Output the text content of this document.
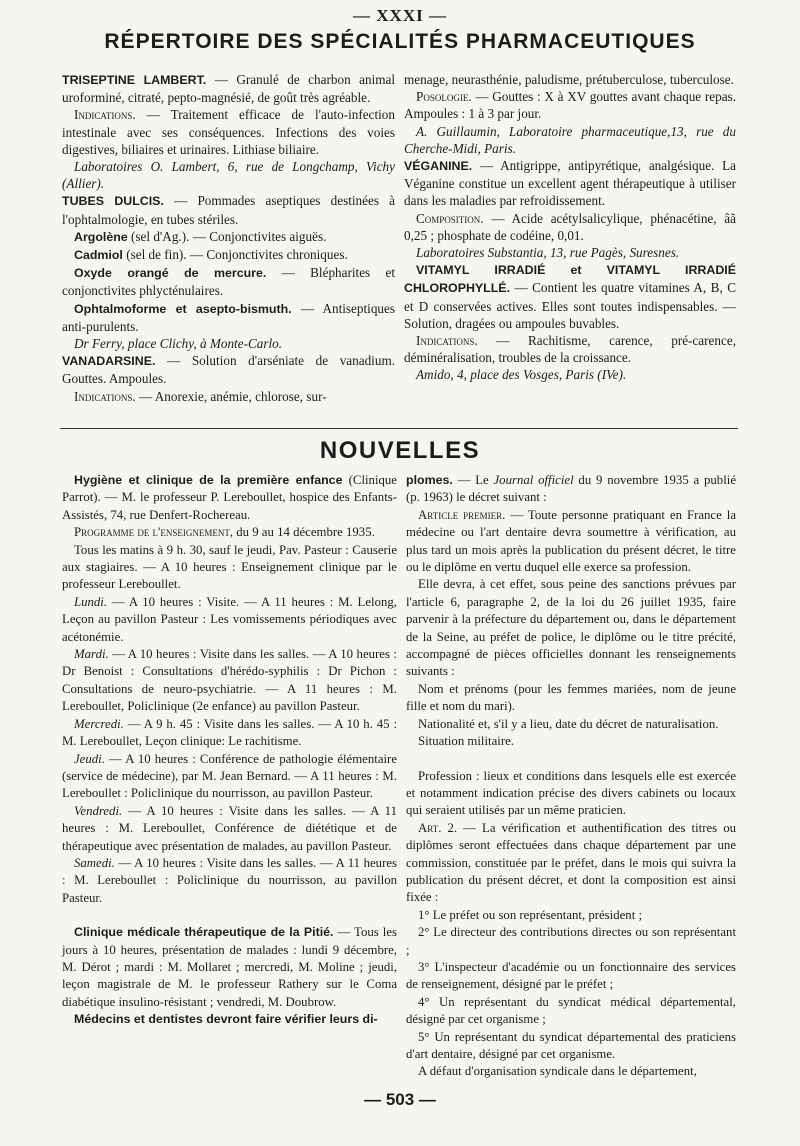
— XXXI —
RÉPERTOIRE DES SPÉCIALITÉS PHARMACEUTIQUES

TRISEPTINE LAMBERT. — Granulé de charbon animal uroforminé, citraté, pepto-magnésié, de goût très agréable.

Indications. — Traitement efficace de l'auto-infection intestinale avec ses conséquences. Infections des voies digestives, biliaires et urinaires. Lithiase biliaire.

Laboratoires O. Lambert, 6, rue de Longchamp, Vichy (Allier).

TUBES DULCIS. — Pommades aseptiques destinées à l'ophtalmologie, en tubes stériles.

Argolène (sel d'Ag.). — Conjonctivites aiguës.

Cadmiol (sel de fin). — Conjonctivites chroniques.

Oxyde orangé de mercure. — Blépharites et conjonctivites phlycténulaires.

Ophtalmoforme et asepto-bismuth. — Antiseptiques anti-purulents.

Dr Ferry, place Clichy, à Monte-Carlo.

VANADARSINE. — Solution d'arséniate de vanadium. Gouttes. Ampoules.

Indications. — Anorexie, anémie, chlorose, sur-

menage, neurasthénie, paludisme, prétuberculose, tuberculose.

Posologie. — Gouttes : X à XV gouttes avant chaque repas. Ampoules : 1 à 3 par jour.

A. Guillaumin, Laboratoire pharmaceutique,13, rue du Cherche-Midi, Paris.

VÉGANINE. — Antigrippe, antipyrétique, analgésique. La Véganine constitue un excellent agent thérapeutique à utiliser dans les maladies par refroidissement.

Composition. — Acide acétylsalicylique, phénacétine, âã 0,25 ; phosphate de codéine, 0,01.

Laboratoires Substantia, 13, rue Pagès, Suresnes.

VITAMYL IRRADIÉ et VITAMYL IRRADIÉ CHLOROPHYLLÉ. — Contient les quatre vitamines A, B, C et D conservées actives. Elles sont toutes indispensables. — Solution, dragées ou ampoules buvables.

Indications. — Rachitisme, carence, pré-carence, déminéralisation, troubles de la croissance.

Amido, 4, place des Vosges, Paris (IVe).

NOUVELLES

Hygiène et clinique de la première enfance (Clinique Parrot). — M. le professeur P. Lereboullet, hospice des Enfants-Assistés, 74, rue Denfert-Rochereau.

Programme de l'enseignement, du 9 au 14 décembre 1935.

Tous les matins à 9 h. 30, sauf le jeudi, Pav. Pasteur : Causerie aux stagiaires. — A 10 heures : Enseignement clinique par le professeur Lereboullet.

Lundi. — A 10 heures : Visite. — A 11 heures : M. Lelong, Leçon au pavillon Pasteur : Les vomissements périodiques avec acétonémie.

Mardi. — A 10 heures : Visite dans les salles. — A 10 heures : Dr Benoist : Consultations d'hérédo-syphilis : Dr Pichon : Consultations de neuro-psychiatrie. — A 11 heures : M. Lereboullet, Policlinique (2e enfance) au pavillon Pasteur.

Mercredi. — A 9 h. 45 : Visite dans les salles. — A 10 h. 45 : M. Lereboullet, Leçon clinique: Le rachitisme.

Jeudi. — A 10 heures : Conférence de pathologie élémentaire (service de médecine), par M. Jean Bernard. — A 11 heures : M. Lereboullet : Policlinique du nourrisson, au pavillon Pasteur.

Vendredi. — A 10 heures : Visite dans les salles. — A 11 heures : M. Lereboullet, Conférence de diététique et de thérapeutique avec présentation de malades, au pavillon Pasteur.

Samedi. — A 10 heures : Visite dans les salles. — A 11 heures : M. Lereboullet : Policlinique du nourrisson, au pavillon Pasteur.

Clinique médicale thérapeutique de la Pitié. — Tous les jours à 10 heures, présentation de malades : lundi 9 décembre, M. Dérot ; mardi : M. Mollaret ; mercredi, M. Moline ; jeudi, leçon magistrale de M. le professeur Rathery sur le Coma diabétique insulino-résistant ; vendredi, M. Doubrow.

Médecins et dentistes devront faire vérifier leurs di-

plomes. — Le Journal officiel du 9 novembre 1935 a publié (p. 1963) le décret suivant :

Article premier. — Toute personne pratiquant en France la médecine ou l'art dentaire devra soumettre à vérification, au plus tard un mois après la publication du présent décret, le titre ou le diplôme en vertu duquel elle exerce sa profession.

Elle devra, à cet effet, sous peine des sanctions prévues par l'article 6, paragraphe 2, de la loi du 26 juillet 1935, faire parvenir à la préfecture du département ou, dans le département de la Seine, au préfet de police, le diplôme ou le titre précité, accompagné de pièces officielles donnant les renseignements suivants :

Nom et prénoms (pour les femmes mariées, nom de jeune fille et nom du mari).

Nationalité et, s'il y a lieu, date du décret de naturalisation.

Situation militaire.

Profession : lieux et conditions dans lesquels elle est exercée et notamment indication précise des divers cabinets ou locaux qui seraient utilisés par un même praticien.

Art. 2. — La vérification et authentification des titres ou diplômes seront effectuées dans chaque département par une commission, constituée par le préfet, dans le mois qui suivra la publication du présent décret, et dont la composition est ainsi fixée :

1° Le préfet ou son représentant, président ;

2° Le directeur des contributions directes ou son représentant ;

3° L'inspecteur d'académie ou un fonctionnaire des services de renseignement, désigné par le préfet ;

4° Un représentant du syndicat médical départemental, désigné par cet organisme ;

5° Un représentant du syndicat départemental des praticiens d'art dentaire, désigné par cet organisme.

A défaut d'organisation syndicale dans le département,

— 503 —
